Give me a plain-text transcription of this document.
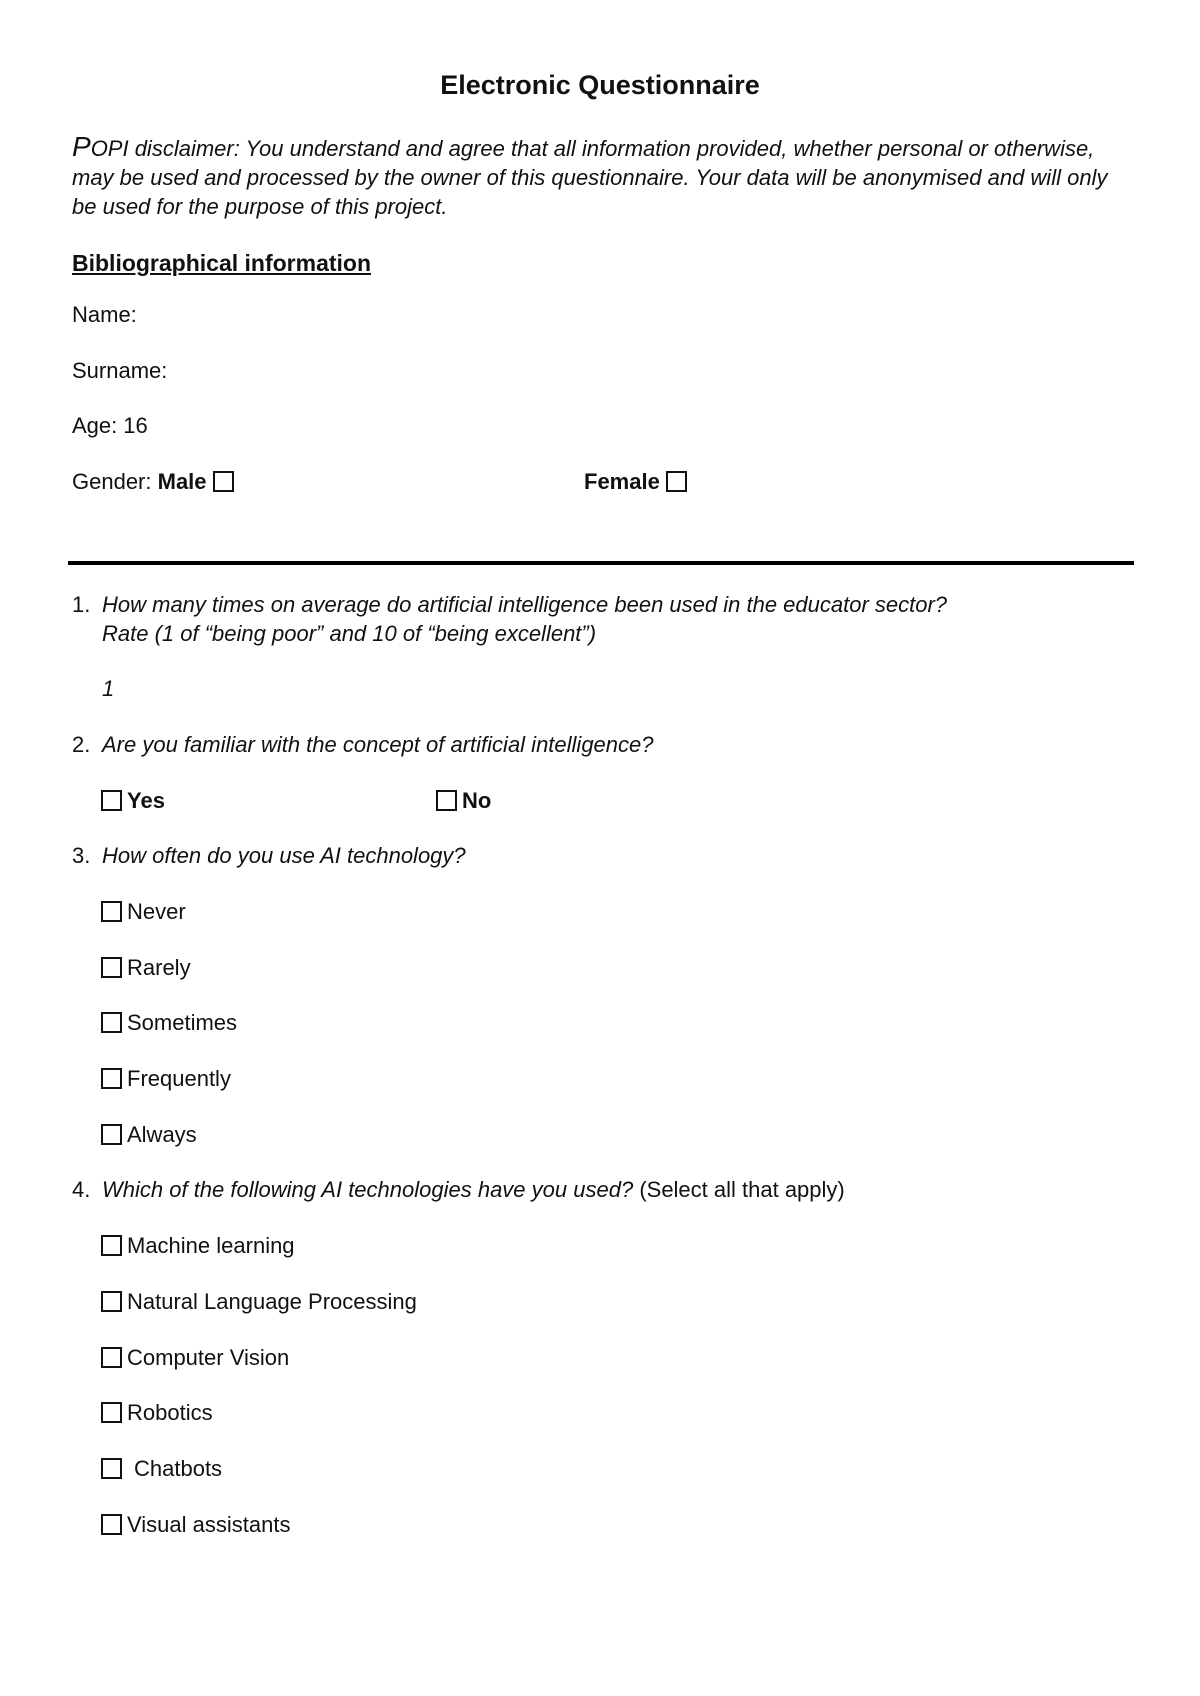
Electronic Questionnaire
POPI disclaimer: You understand and agree that all information provided, whether personal or otherwise, may be used and processed by the owner of this questionnaire. Your data will be anonymised and will only be used for the purpose of this project.
Bibliographical information
Name:
Surname:
Age: 16
Gender: Male	Female
1. How many times on average do artificial intelligence been used in the educator sector?
Rate (1 of “being poor” and 10 of “being excellent”)
1
2. Are you familiar with the concept of artificial intelligence?
Yes	No
3. How often do you use AI technology?
Never
Rarely
Sometimes
Frequently
Always
4. Which of the following AI technologies have you used? (Select all that apply)
Machine learning
Natural Language Processing
Computer Vision
Robotics
Chatbots
Visual assistants
